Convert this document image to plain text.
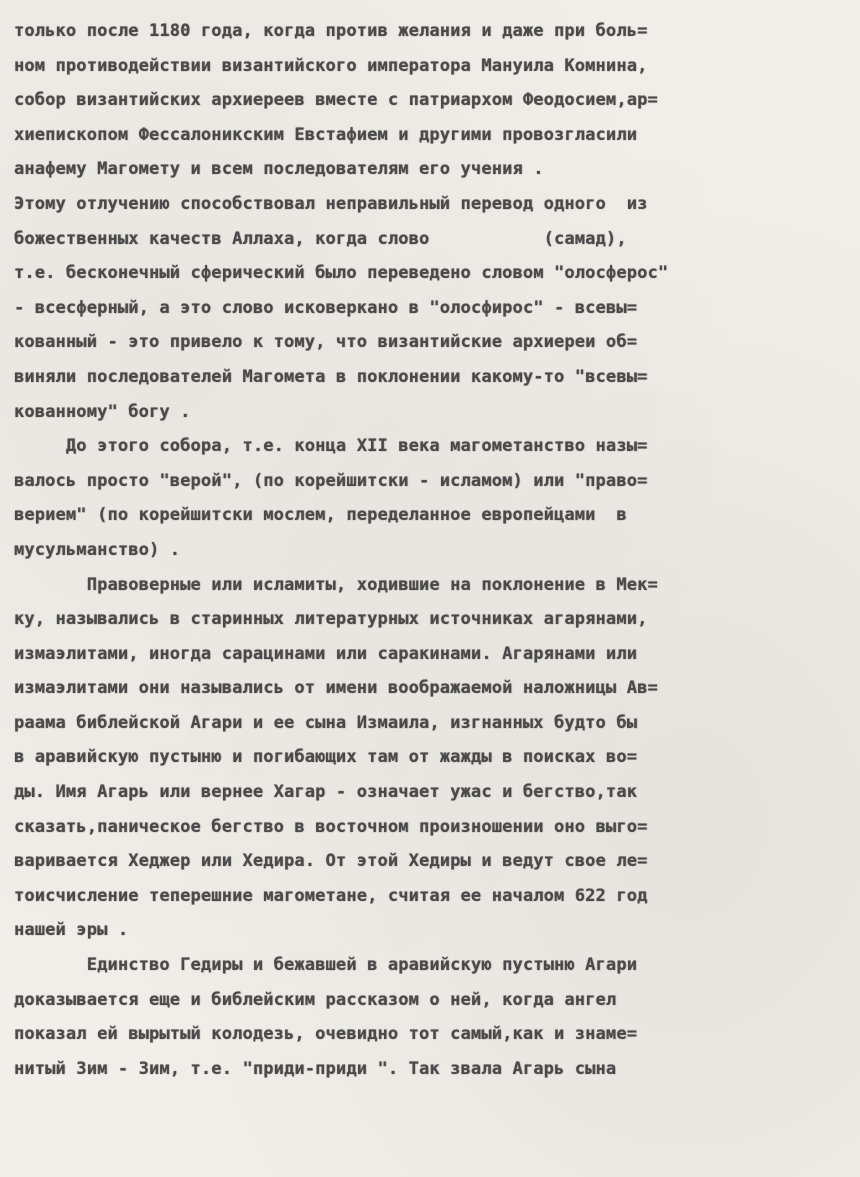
только после 1180 года, когда против желания и даже при боль=
ном противодействии византийского императора Мануила Комнина,
собор византийских архиереев вместе с патриархом Феодосием,ар=
хиепископом Фессалоникским Евстафием и другими провозгласили
анафему Магомету и всем последователям его учения .
Этому отлучению способствовал неправильный перевод одного  из
божественных качеств Аллаха, когда слово           (самад),
т.е. бесконечный сферический было переведено словом "олосферос"
- всесферный, а это слово исковеркано в "олосфирос" - всевы=
кованный - это привело к тому, что византийские архиереи об=
виняли последователей Магомета в поклонении какому-то "всевы=
кованному" богу .
До этого собора, т.е. конца XII века магометанство назы=
валось просто "верой", (по корейшитски - исламом) или "право=
верием" (по корейшитски мослем, переделанное европейцами  в
мусульманство) .
Правоверные или исламиты, ходившие на поклонение в Мек=
ку, назывались в старинных литературных источниках агарянами,
измаэлитами, иногда сарацинами или саракинами. Агарянами или
измаэлитами они назывались от имени воображаемой наложницы Ав=
раама библейской Агари и ее сына Измаила, изгнанных будто бы
в аравийскую пустыню и погибающих там от жажды в поисках во=
ды. Имя Агарь или вернее Хагар - означает ужас и бегство,так
сказать,паническое бегство в восточном произношении оно выго=
варивается Хеджер или Хедира. От этой Хедиры и ведут свое ле=
тоисчисление теперешние магометане, считая ее началом 622 год
нашей эры .
Единство Гедиры и бежавшей в аравийскую пустыню Агари
доказывается еще и библейским рассказом о ней, когда ангел
показал ей вырытый колодезь, очевидно тот самый,как и знаме=
нитый Зим - Зим, т.е. "приди-приди ". Так звала Агарь сына
